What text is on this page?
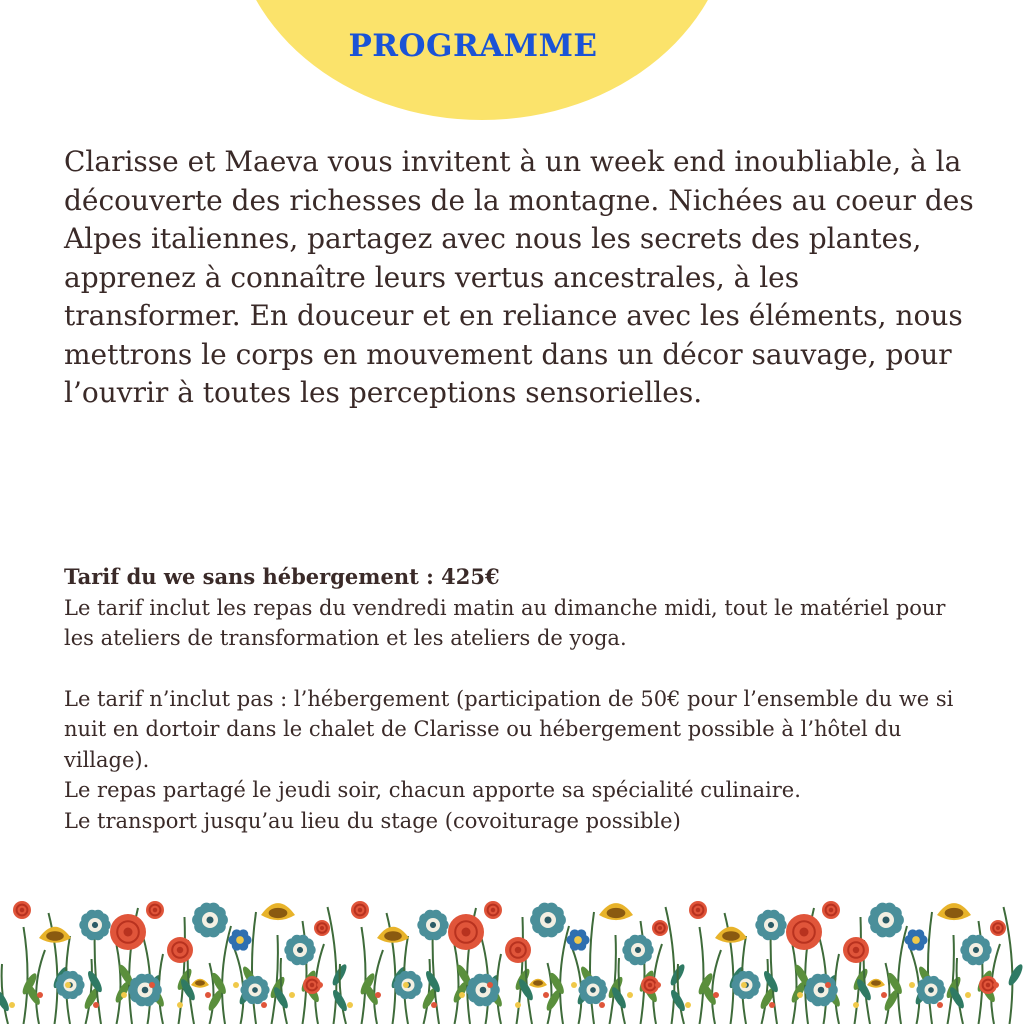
PROGRAMME
Clarisse et Maeva vous invitent à un week end inoubliable, à la découverte des richesses de la montagne. Nichées au coeur des Alpes italiennes, partagez avec nous les secrets des plantes, apprenez à connaître leurs vertus ancestrales, à les transformer. En douceur et en reliance avec les éléments, nous mettrons le corps en mouvement dans un décor sauvage, pour l’ouvrir à toutes les perceptions sensorielles.

Tarif du we sans hébergement : 425€

Le tarif inclut les repas du vendredi matin au dimanche midi, tout le matériel pour les ateliers de transformation et les ateliers de yoga.

Le tarif n’inclut pas : l’hébergement (participation de 50€ pour l’ensemble du we si nuit en dortoir dans le chalet de Clarisse ou hébergement possible à l’hôtel du village).

Le repas partagé le jeudi soir, chacun apporte sa spécialité culinaire.

Le transport jusqu’au lieu du stage (covoiturage possible)
